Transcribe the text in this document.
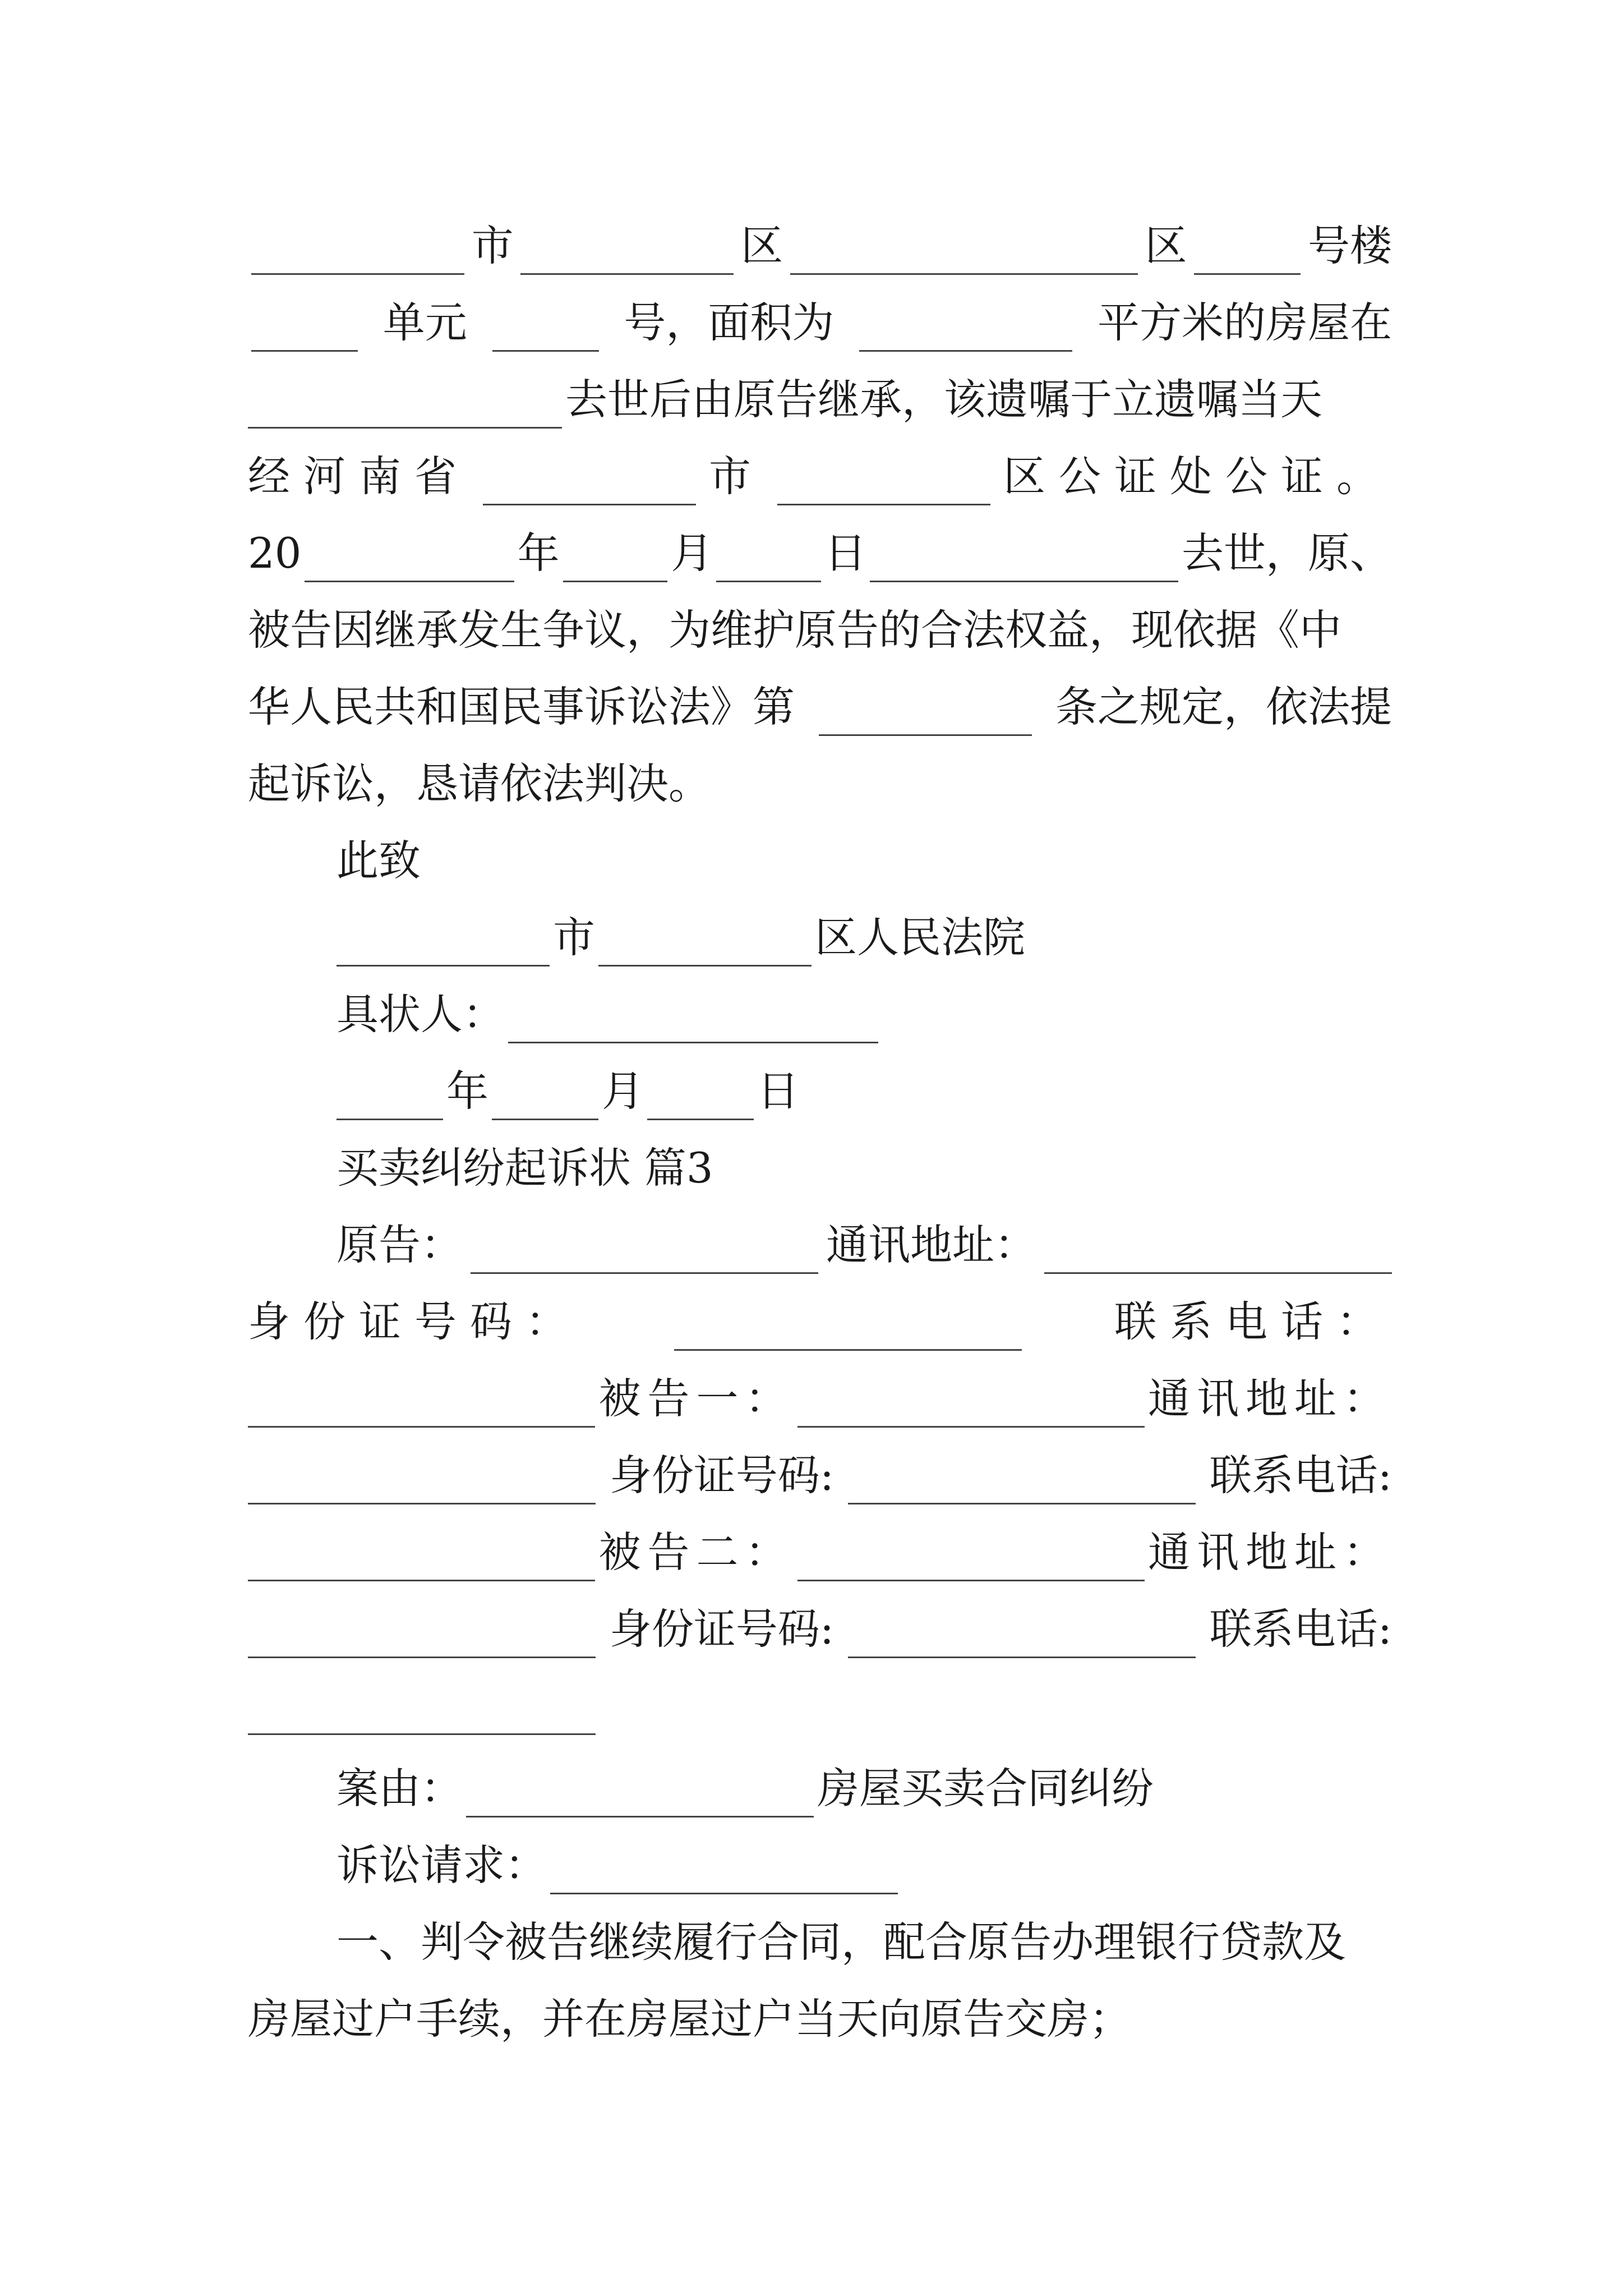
市	区	区	号楼
单元	号，面积为	平方米的房屋在
去世后由原告继承，该遗嘱于立遗嘱当天
经河南省	市	区公证处公证。
20	年	月	日	去世，原、
被告因继承发生争议，为维护原告的合法权益，现依据《中
华人民共和国民事诉讼法》第	条之规定，依法提
起诉讼，恳请依法判决。
此致
市	区人民法院
具状人：
年	月	日
买卖纠纷起诉状 篇3
原告：	通讯地址：
身份证号码：	联系电话：
被告一：	通讯地址：
身份证号码:	联系电话:
被告二：	通讯地址：
身份证号码:	联系电话:
案由：	房屋买卖合同纠纷
诉讼请求：
一、判令被告继续履行合同，配合原告办理银行贷款及
房屋过户手续，并在房屋过户当天向原告交房；
